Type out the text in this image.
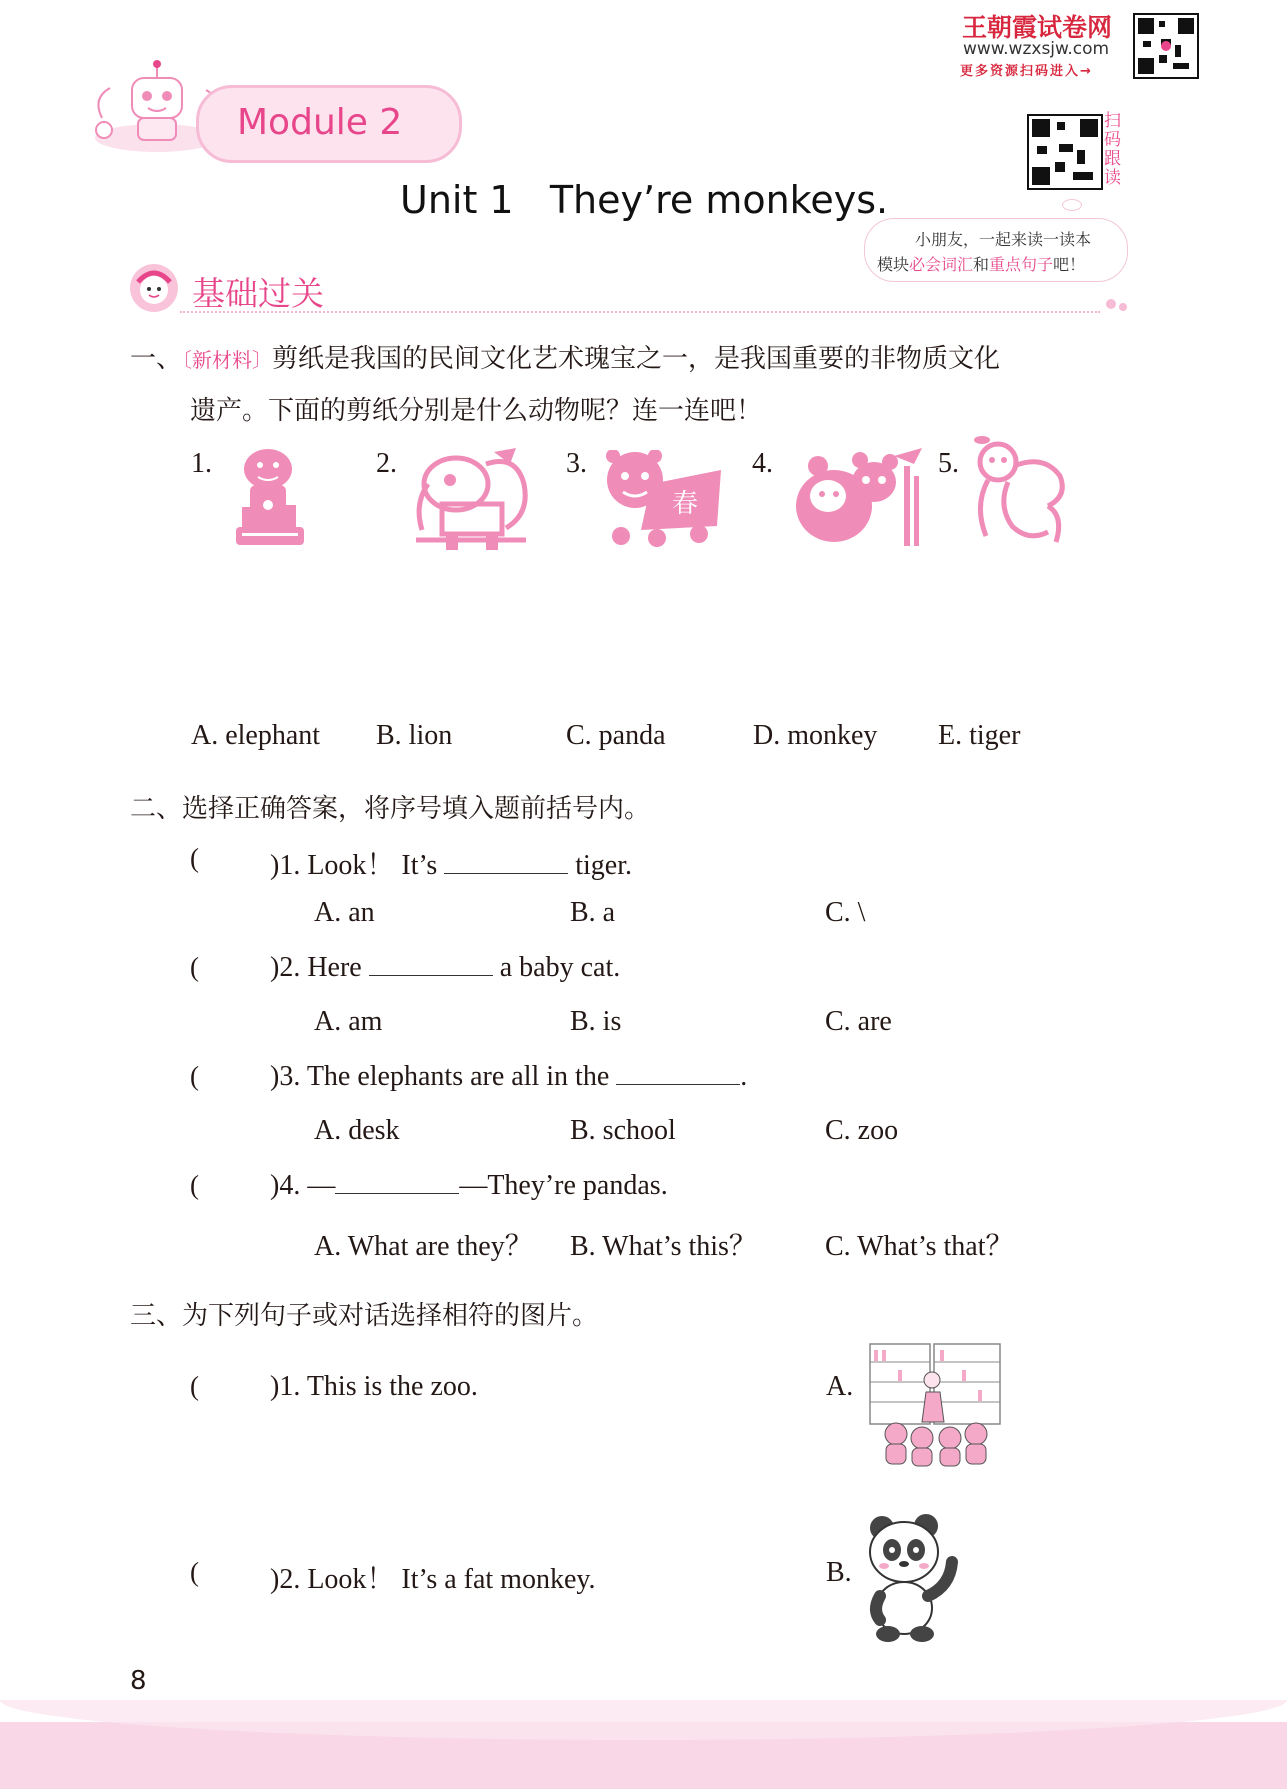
王朝霞试卷网
www.wzxsjw.com
更多资源扫码进入→
Module 2
Unit 1   They’re monkeys.
扫码跟读
小朋友，一起来读一读本
模块必会词汇和重点句子吧！
基础过关
一、〔新材料〕剪纸是我国的民间文化艺术瑰宝之一，是我国重要的非物质文化
遗产。下面的剪纸分别是什么动物呢？连一连吧！
1.	2.	3.	4.	5.
春
A. elephant B. lion	C. panda	D. monkey E. tiger
二、选择正确答案，将序号填入题前括号内。
(	)1. Look！ It’s	tiger.
A. an	B. a	C. \
(	)2. Here	a baby cat.
A. am	B. is	C. are
(	)3. The elephants are all in the	.
A. desk	B. school	C. zoo
(	)4. —	—They’re pandas.
A. What are they？ B. What’s this？ C. What’s that？
三、为下列句子或对话选择相符的图片。
(	)1. This is the zoo.	A.
(	)2. Look！ It’s a fat monkey.	B.
8
